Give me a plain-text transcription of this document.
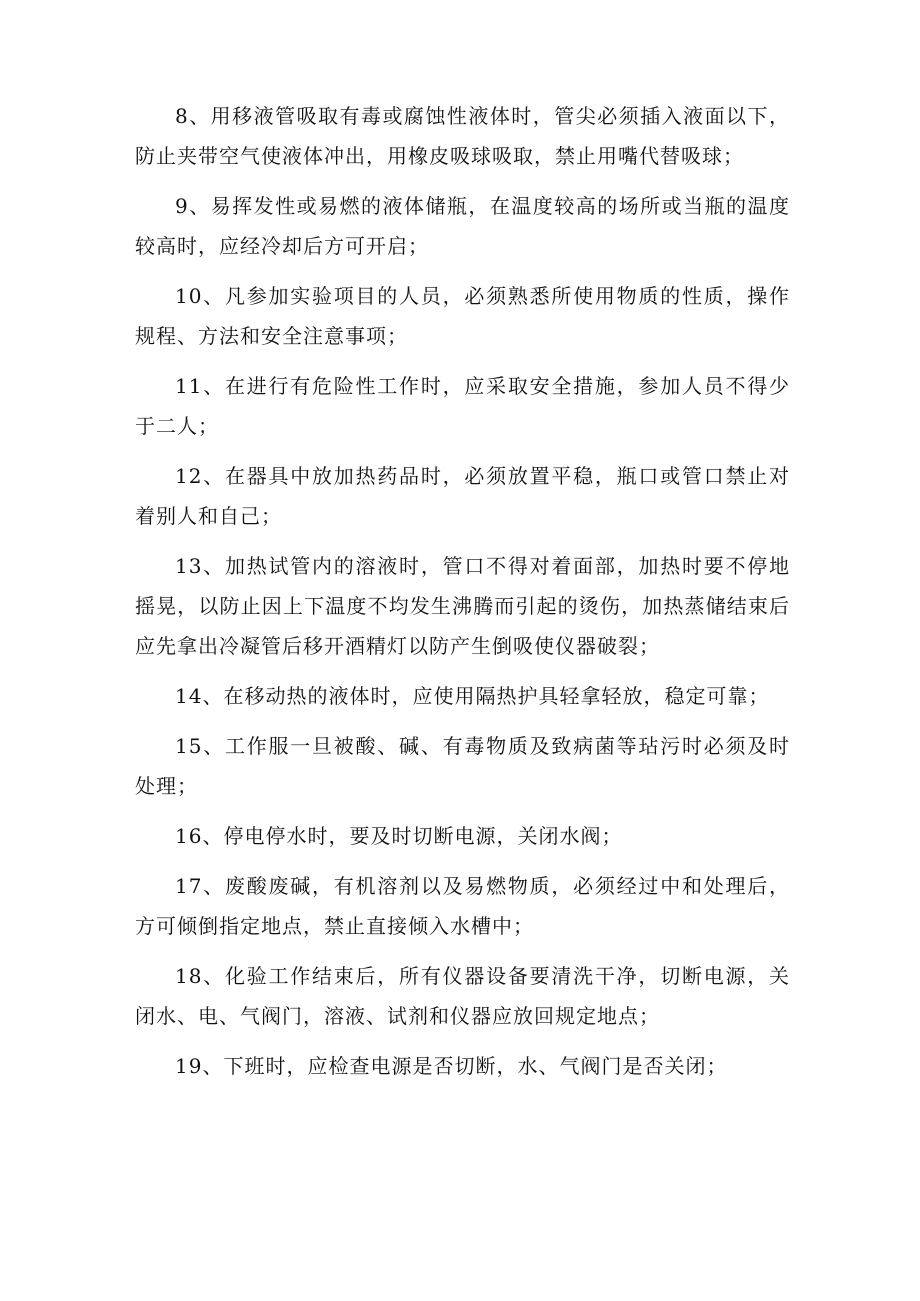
8、用移液管吸取有毒或腐蚀性液体时，管尖必须插入液面以下，防止夹带空气使液体冲出，用橡皮吸球吸取，禁止用嘴代替吸球；

9、易挥发性或易燃的液体储瓶，在温度较高的场所或当瓶的温度较高时，应经冷却后方可开启；

10、凡参加实验项目的人员，必须熟悉所使用物质的性质，操作规程、方法和安全注意事项；

11、在进行有危险性工作时，应采取安全措施，参加人员不得少于二人；

12、在器具中放加热药品时，必须放置平稳，瓶口或管口禁止对着别人和自己；

13、加热试管内的溶液时，管口不得对着面部，加热时要不停地摇晃，以防止因上下温度不均发生沸腾而引起的烫伤，加热蒸储结束后应先拿出冷凝管后移开酒精灯以防产生倒吸使仪器破裂；

14、在移动热的液体时，应使用隔热护具轻拿轻放，稳定可靠；

15、工作服一旦被酸、碱、有毒物质及致病菌等玷污时必须及时处理；

16、停电停水时，要及时切断电源，关闭水阀；

17、废酸废碱，有机溶剂以及易燃物质，必须经过中和处理后，方可倾倒指定地点，禁止直接倾入水槽中；

18、化验工作结束后，所有仪器设备要清洗干净，切断电源，关闭水、电、气阀门，溶液、试剂和仪器应放回规定地点；

19、下班时，应检查电源是否切断，水、气阀门是否关闭；
